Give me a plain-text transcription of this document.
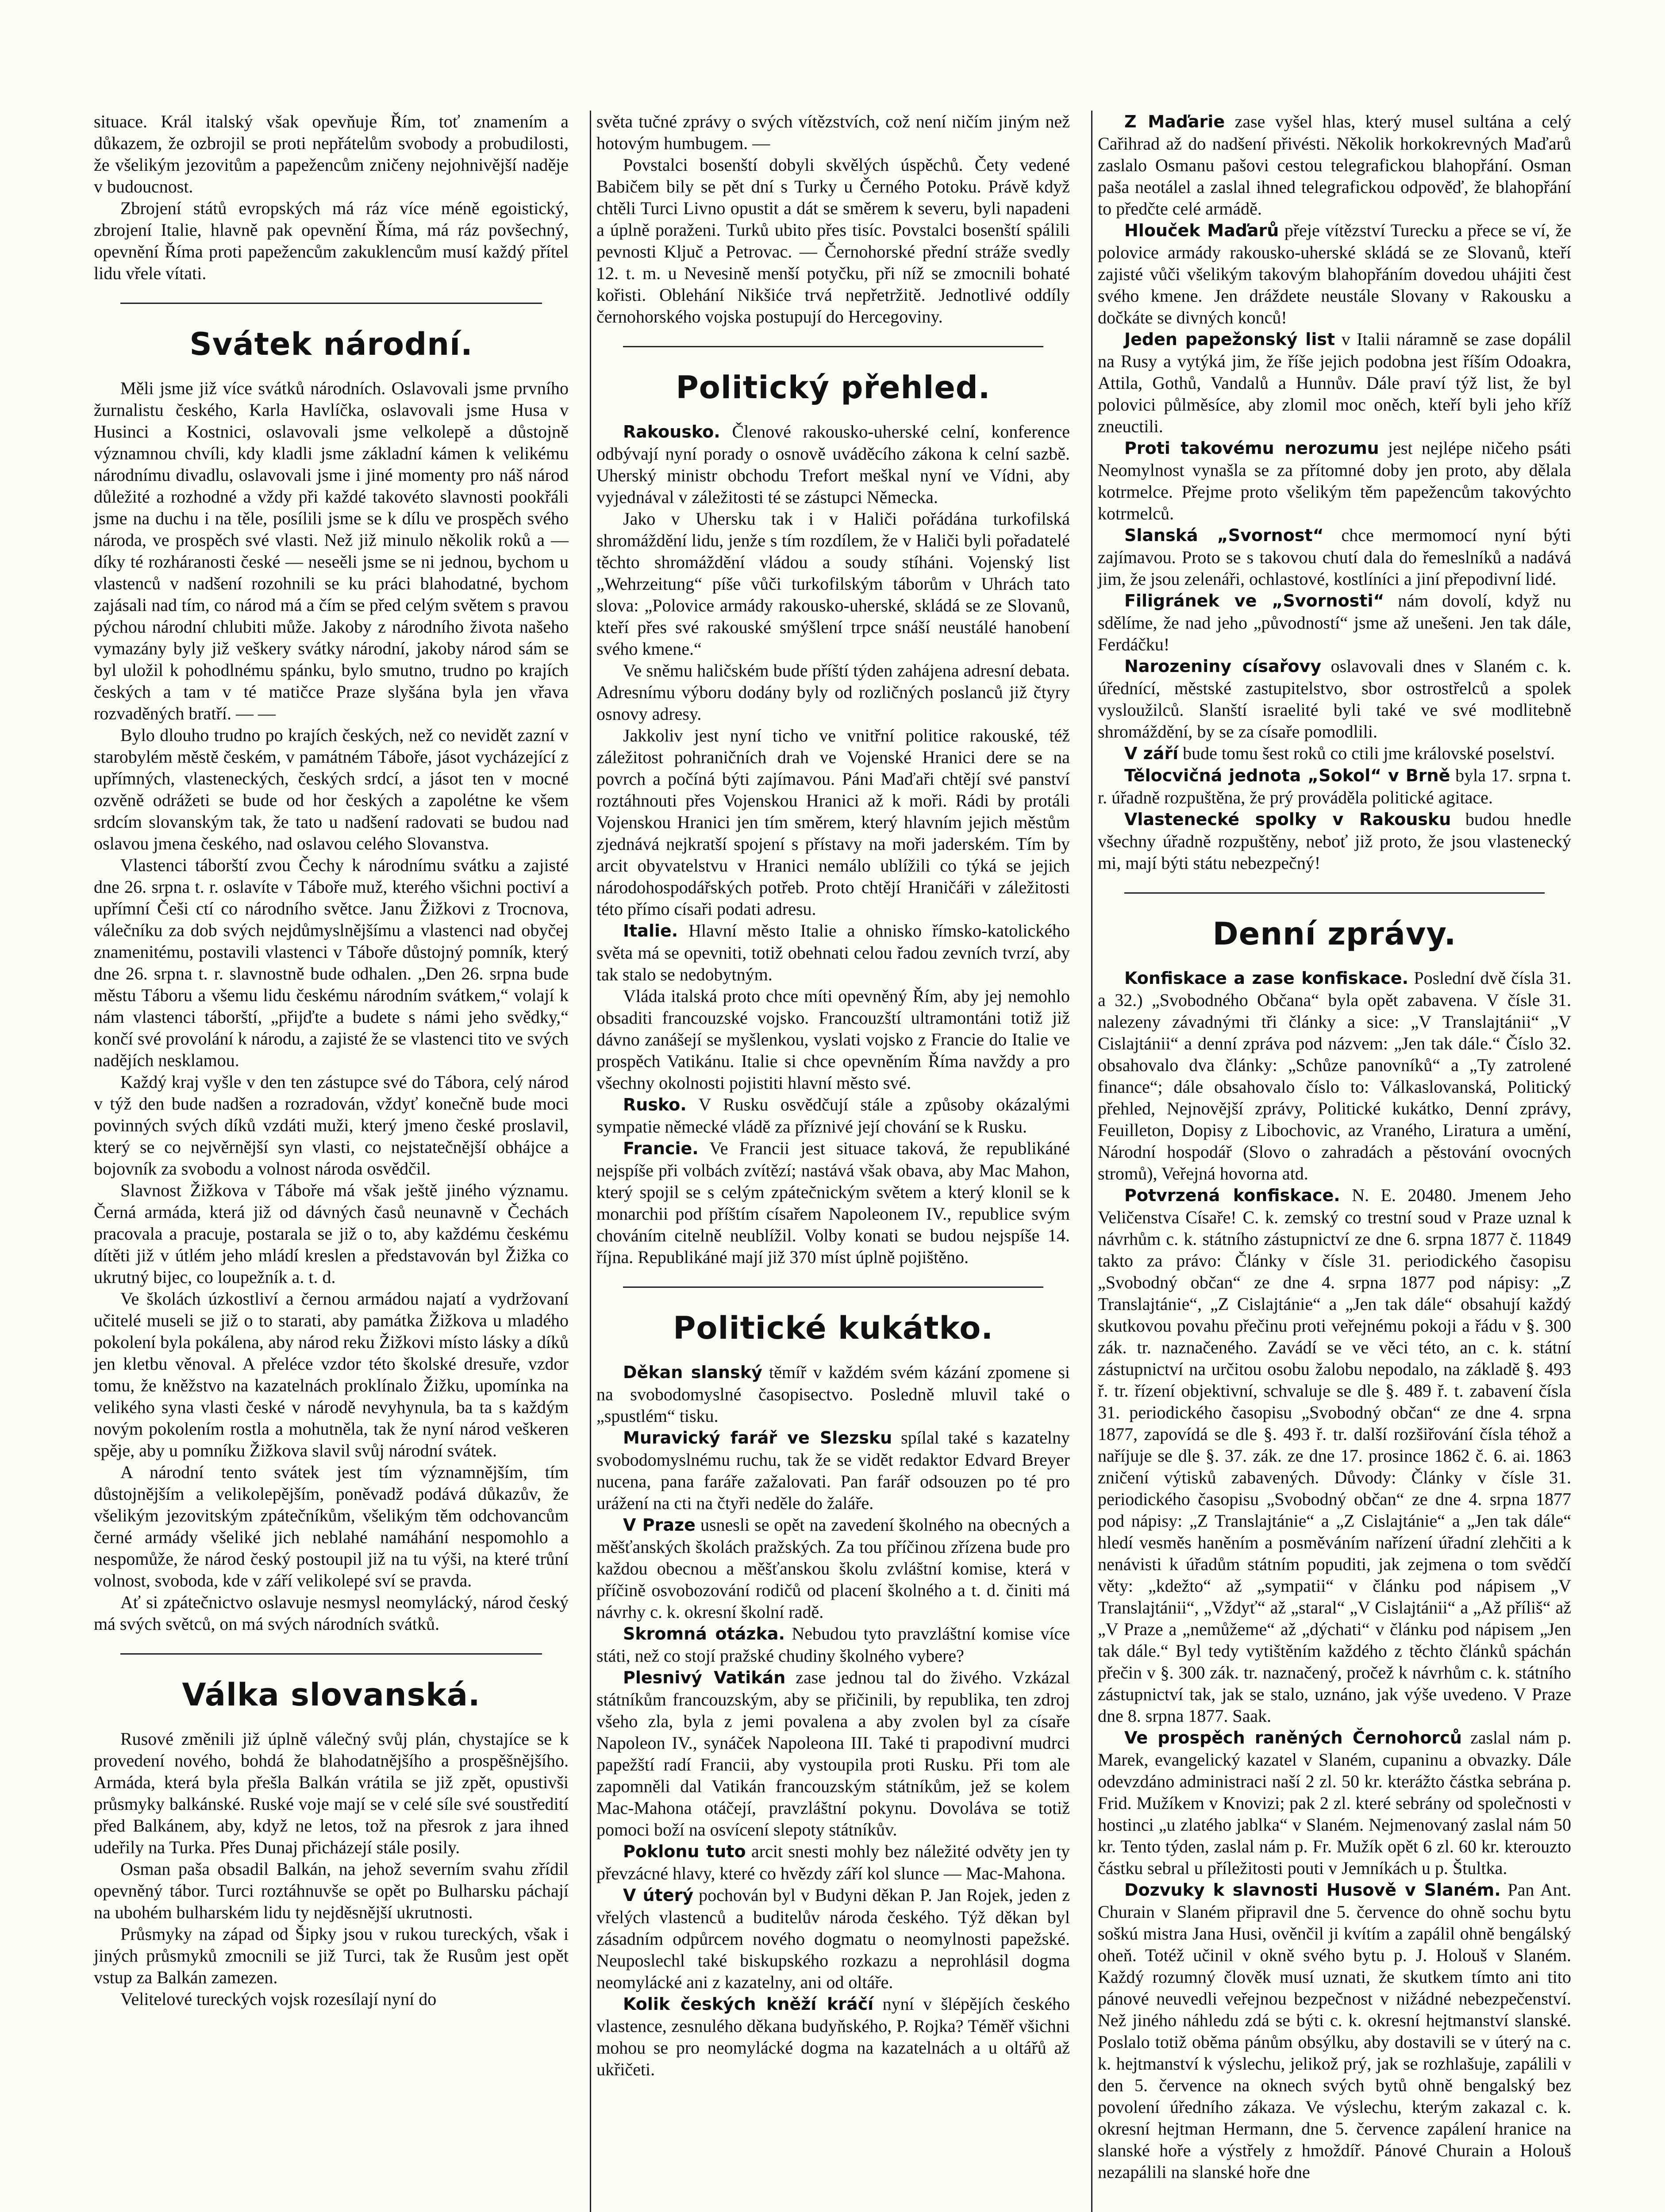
situace. Král italský však opevňuje Řím, toť znamením a důkazem, že ozbrojil se proti nepřátelům svobody a probudilosti, že všelikým jezovitům a papežencům zničeny nejohnivější naděje v budoucnost.

Zbrojení států evropských má ráz více méně egoistický, zbrojení Italie, hlavně pak opevnění Říma, má ráz povšechný, opevnění Říma proti papežencům zakuklencům musí každý přítel lidu vřele vítati.

Svátek národní.

Měli jsme již více svátků národních. Oslavovali jsme prvního žurnalistu českého, Karla Havlíčka, oslavovali jsme Husa v Husinci a Kostnici, oslavovali jsme velkolepě a důstojně významnou chvíli, kdy kladli jsme základní kámen k velikému národnímu divadlu, oslavovali jsme i jiné momenty pro náš národ důležité a rozhodné a vždy při každé takovéto slavnosti pookřáli jsme na duchu i na těle, posílili jsme se k dílu ve prospěch svého národa, ve prospěch své vlasti. Než již minulo několik roků a — díky té rozháranosti české — neseěli jsme se ni jednou, bychom u vlastenců v nadšení rozohnili se ku práci blahodatné, bychom zajásali nad tím, co národ má a čím se před celým světem s pravou pýchou národní chlubiti může. Jakoby z národního života našeho vymazány byly již veškery svátky národní, jakoby národ sám se byl uložil k pohodlnému spánku, bylo smutno, trudno po krajích českých a tam v té matičce Praze slyšána byla jen vřava rozvaděných bratří. — —

Bylo dlouho trudno po krajích českých, než co nevidět zazní v starobylém městě českém, v památném Táboře, jásot vycházející z upřímných, vlasteneckých, českých srdcí, a jásot ten v mocné ozvěně odrážeti se bude od hor českých a zapolétne ke všem srdcím slovanským tak, že tato u nadšení radovati se budou nad oslavou jmena českého, nad oslavou celého Slovanstva.

Vlastenci táborští zvou Čechy k národnímu svátku a zajisté dne 26. srpna t. r. oslavíte v Táboře muž, kterého všichni poctiví a upřímní Češi ctí co národního světce. Janu Žižkovi z Trocnova, válečníku za dob svých nejdůmyslnějšímu a vlastenci nad obyčej znamenitému, postavili vlastenci v Táboře důstojný pomník, který dne 26. srpna t. r. slavnostně bude odhalen. „Den 26. srpna bude městu Táboru a všemu lidu českému národním svátkem,“ volají k nám vlastenci táborští, „přijďte a budete s námi jeho svědky,“ končí své provolání k národu, a zajisté že se vlastenci tito ve svých nadějích nesklamou.

Každý kraj vyšle v den ten zástupce své do Tábora, celý národ v týž den bude nadšen a rozradován, vždyť konečně bude moci povinných svých díků vzdáti muži, který jmeno české proslavil, který se co nejvěrnější syn vlasti, co nejstatečnější obhájce a bojovník za svobodu a volnost národa osvědčil.

Slavnost Žižkova v Táboře má však ještě jiného významu. Černá armáda, která již od dávných časů neunavně v Čechách pracovala a pracuje, postarala se již o to, aby každému českému dítěti již v útlém jeho mládí kreslen a představován byl Žižka co ukrutný bijec, co loupežník a. t. d.

Ve školách úzkostliví a černou armádou najatí a vydržovaní učitelé museli se již o to starati, aby památka Žižkova u mladého pokolení byla pokálena, aby národ reku Žižkovi místo lásky a díků jen kletbu věnoval. A přeléce vzdor této školské dresuře, vzdor tomu, že kněžstvo na kazatelnách proklínalo Žižku, upomínka na velikého syna vlasti české v národě nevyhynula, ba ta s každým novým pokolením rostla a mohutněla, tak že nyní národ veškeren spěje, aby u pomníku Žižkova slavil svůj národní svátek.

A národní tento svátek jest tím významnějším, tím důstojnějším a velikolepějším, poněvadž podává důkazův, že všelikým jezovitským zpátečníkům, všelikým těm odchovancům černé armády všeliké jich neblahé namáhání nespomohlo a nespomůže, že národ český postoupil již na tu výši, na které trůní volnost, svoboda, kde v září velikolepé sví se pravda.

Ať si zpátečnictvo oslavuje nesmysl neomylácký, národ český má svých světců, on má svých národních svátků.

Válka slovanská.

Rusové změnili již úplně válečný svůj plán, chystajíce se k provedení nového, bohdá že blahodatnějšího a prospěšnějšího. Armáda, která byla přešla Balkán vrátila se již zpět, opustivši průsmyky balkánské. Ruské voje mají se v celé síle své soustředití před Balkánem, aby, když ne letos, tož na přesrok z jara ihned udeřily na Turka. Přes Dunaj přicházejí stále posily.

Osman paša obsadil Balkán, na jehož severním svahu zřídil opevněný tábor. Turci roztáhnuvše se opět po Bulharsku páchají na ubohém bulharském lidu ty nejděsnější ukrutnosti.

Průsmyky na západ od Šipky jsou v rukou tureckých, však i jiných průsmyků zmocnili se již Turci, tak že Rusům jest opět vstup za Balkán zamezen.

Velitelové tureckých vojsk rozesílají nyní do

světa tučné zprávy o svých vítězstvích, což není ničím jiným než hotovým humbugem. —

Povstalci bosenští dobyli skvělých úspěchů. Čety vedené Babičem bily se pět dní s Turky u Černého Potoku. Právě když chtěli Turci Livno opustit a dát se směrem k severu, byli napadeni a úplně poraženi. Turků ubito přes tisíc. Povstalci bosenští spálili pevnosti Ključ a Petrovac. — Černohorské přední stráže svedly 12. t. m. u Nevesině menší potyčku, při níž se zmocnili bohaté kořisti. Oblehání Nikšiće trvá nepřetržitě. Jednotlivé oddíly černohorského vojska postupují do Hercegoviny.

Politický přehled.

Rakousko. Členové rakousko-uherské celní, konference odbývají nyní porady o osnově uváděcího zákona k celní sazbě. Uherský ministr obchodu Trefort meškal nyní ve Vídni, aby vyjednával v záležitosti té se zástupci Německa.

Jako v Uhersku tak i v Haliči pořádána turkofilská shromáždění lidu, jenže s tím rozdílem, že v Haliči byli pořadatelé těchto shromáždění vládou a soudy stíháni. Vojenský list „Wehrzeitung“ píše vůči turkofilským táborům v Uhrách tato slova: „Polovice armády rakousko-uherské, skládá se ze Slovanů, kteří přes své rakouské smýšlení trpce snáší neustálé hanobení svého kmene.“

Ve sněmu haličském bude příští týden zahájena adresní debata. Adresnímu výboru dodány byly od rozličných poslanců již čtyry osnovy adresy.

Jakkoliv jest nyní ticho ve vnitřní politice rakouské, též záležitost pohraničních drah ve Vojenské Hranici dere se na povrch a počíná býti zajímavou. Páni Maďaři chtějí své panství roztáhnouti přes Vojenskou Hranici až k moři. Rádi by protáli Vojenskou Hranici jen tím směrem, který hlavním jejich městům zjednává nejkratší spojení s přístavy na moři jaderském. Tím by arcit obyvatelstvu v Hranici nemálo ublížili co týká se jejich národohospodářských potřeb. Proto chtějí Hraničáři v záležitosti této přímo císaři podati adresu.

Italie. Hlavní město Italie a ohnisko římsko-katolického světa má se opevniti, totiž obehnati celou řadou zevních tvrzí, aby tak stalo se nedobytným.

Vláda italská proto chce míti opevněný Řím, aby jej nemohlo obsaditi francouzské vojsko. Francouzští ultramontáni totiž již dávno zanášejí se myšlenkou, vyslati vojsko z Francie do Italie ve prospěch Vatikánu. Italie si chce opevněním Říma navždy a pro všechny okolnosti pojistiti hlavní město své.

Rusko. V Rusku osvědčují stále a způsoby okázalými sympatie německé vládě za příznivé její chování se k Rusku.

Francie. Ve Francii jest situace taková, že republikáné nejspíše při volbách zvítězí; nastává však obava, aby Mac Mahon, který spojil se s celým zpátečnickým světem a který klonil se k monarchii pod příštím císařem Napoleonem IV., republice svým chováním citelně neublížil. Volby konati se budou nejspíše 14. října. Republikáné mají již 370 míst úplně pojištěno.

Politické kukátko.

Děkan slanský těmíř v každém svém kázání zpomene si na svobodomyslné časopisectvo. Posledně mluvil také o „spustlém“ tisku.

Muravický farář ve Slezsku spílal také s kazatelny svobodomyslnému ruchu, tak že se vidět redaktor Edvard Breyer nucena, pana faráře zažalovati. Pan farář odsouzen po té pro urážení na cti na čtyři neděle do žaláře.

V Praze usnesli se opět na zavedení školného na obecných a měšťanských školách pražských. Za tou příčinou zřízena bude pro každou obecnou a měšťanskou školu zvláštní komise, která v příčině osvobozování rodičů od placení školného a t. d. činiti má návrhy c. k. okresní školní radě.

Skromná otázka. Nebudou tyto pravzláštní komise více státi, než co stojí pražské chudiny školného vybere?

Plesnivý Vatikán zase jednou tal do živého. Vzkázal státníkům francouzským, aby se přičinili, by republika, ten zdroj všeho zla, byla z jemi povalena a aby zvolen byl za císaře Napoleon IV., synáček Napoleona III. Také ti prapodivní mudrci papežští radí Francii, aby vystoupila proti Rusku. Při tom ale zapomněli dal Vatikán francouzským státníkům, jež se kolem Mac-Mahona otáčejí, pravzláštní pokynu. Dovoláva se totiž pomoci boží na osvícení slepoty státníkův.

Poklonu tuto arcit snesti mohly bez náležité odvěty jen ty převzácné hlavy, které co hvězdy září kol slunce — Mac-Mahona.

V úterý pochován byl v Budyni děkan P. Jan Rojek, jeden z vřelých vlastenců a buditelův národa českého. Týž děkan byl zásadním odpůrcem nového dogmatu o neomylnosti papežské. Neuposlechl také biskupského rozkazu a neprohlásil dogma neomylácké ani z kazatelny, ani od oltáře.

Kolik českých kněží kráčí nyní v šlépějích českého vlastence, zesnulého děkana budyňského, P. Rojka? Téměř všichni mohou se pro neomylácké dogma na kazatelnách a u oltářů až ukřičeti.

Z Maďarie zase vyšel hlas, který musel sultána a celý Cařihrad až do nadšení přivésti. Několik horkokrevných Maďarů zaslalo Osmanu pašovi cestou telegrafickou blahopřání. Osman paša neotálel a zaslal ihned telegrafickou odpověď, že blahopřání to předčte celé armádě.

Hlouček Maďarů přeje vítězství Turecku a přece se ví, že polovice armády rakousko-uherské skládá se ze Slovanů, kteří zajisté vůči všelikým takovým blahopřáním dovedou uhájiti čest svého kmene. Jen dráždete neustále Slovany v Rakousku a dočkáte se divných konců!

Jeden papežonský list v Italii náramně se zase dopálil na Rusy a vytýká jim, že říše jejich podobna jest říším Odoakra, Attila, Gothů, Vandalů a Hunnův. Dále praví týž list, že byl polovici půlměsíce, aby zlomil moc oněch, kteří byli jeho kříž zneuctili.

Proti takovému nerozumu jest nejlépe ničeho psáti Neomylnost vynašla se za přítomné doby jen proto, aby dělala kotrmelce. Přejme proto všelikým těm papežencům takovýchto kotrmelců.

Slanská „Svornost“ chce mermomocí nyní býti zajímavou. Proto se s takovou chutí dala do řemeslníků a nadává jim, že jsou zelenáři, ochlastové, kostlíníci a jiní přepodivní lidé.

Filigránek ve „Svornosti“ nám dovolí, když nu sdělíme, že nad jeho „původností“ jsme až unešeni. Jen tak dále, Ferdáčku!

Narozeniny císařovy oslavovali dnes v Slaném c. k. úřednící, městské zastupitelstvo, sbor ostrostřelců a spolek vysloužilců. Slanští israelité byli také ve své modlitebně shromáždění, by se za císaře pomodlili.

V září bude tomu šest roků co ctili jme královské poselství.

Tělocvičná jednota „Sokol“ v Brně byla 17. srpna t. r. úřadně rozpuštěna, že prý prováděla politické agitace.

Vlastenecké spolky v Rakousku budou hnedle všechny úřadně rozpuštěny, neboť již proto, že jsou vlastenecký mi, mají býti státu nebezpečný!

Denní zprávy.

Konfiskace a zase konfiskace. Poslední dvě čísla 31. a 32.) „Svobodného Občana“ byla opět zabavena. V čísle 31. nalezeny závadnými tři články a sice: „V Translajtánii“ „V Cislajtánii“ a denní zpráva pod názvem: „Jen tak dále.“ Číslo 32. obsahovalo dva články: „Schůze panovníků“ a „Ty zatrolené finance“; dále obsahovalo číslo to: Válkaslovanská, Politický přehled, Nejnovější zprávy, Politické kukátko, Denní zprávy, Feuilleton, Dopisy z Libochovic, az Vraného, Liratura a umění, Národní hospodář (Slovo o zahradách a pěstování ovocných stromů), Veřejná hovorna atd.

Potvrzená konfiskace. N. E. 20480. Jmenem Jeho Veličenstva Císaře! C. k. zemský co trestní soud v Praze uznal k návrhům c. k. státního zástupnictví ze dne 6. srpna 1877 č. 11849 takto za právo: Články v čísle 31. periodického časopisu „Svobodný občan“ ze dne 4. srpna 1877 pod nápisy: „Z Translajtánie“, „Z Cislajtánie“ a „Jen tak dále“ obsahují každý skutkovou povahu přečinu proti veřejnému pokoji a řádu v §. 300 zák. tr. naznačeného. Zavádí se ve věci této, an c. k. státní zástupnictví na určitou osobu žalobu nepodalo, na základě §. 493 ř. tr. řízení objektivní, schvaluje se dle §. 489 ř. t. zabavení čísla 31. periodického časopisu „Svobodný občan“ ze dne 4. srpna 1877, zapovídá se dle §. 493 ř. tr. další rozšiřování čísla téhož a naříjuje se dle §. 37. zák. ze dne 17. prosince 1862 č. 6. ai. 1863 zničení výtisků zabavených. Důvody: Články v čísle 31. periodického časopisu „Svobodný občan“ ze dne 4. srpna 1877 pod nápisy: „Z Translajtánie“ a „Z Cislajtánie“ a „Jen tak dále“ hledí vesměs haněním a posměváním nařízení úřadní zlehčiti a k nenávisti k úřadům státním popuditi, jak zejmena o tom svědčí věty: „kdežto“ až „sympatii“ v článku pod nápisem „V Translajtánii“, „Vždyť“ až „staral“ „V Cislajtánii“ a „Až příliš“ až „V Praze a „nemůžeme“ až „dýchati“ v článku pod nápisem „Jen tak dále.“ Byl tedy vytištěním každého z těchto článků spáchán přečin v §. 300 zák. tr. naznačený, pročež k návrhům c. k. státního zástupnictví tak, jak se stalo, uznáno, jak výše uvedeno. V Praze dne 8. srpna 1877. Saak.

Ve prospěch raněných Černohorců zaslal nám p. Marek, evangelický kazatel v Slaném, cupaninu a obvazky. Dále odevzdáno administraci naší 2 zl. 50 kr. kterážto částka sebrána p. Frid. Mužíkem v Knovizi; pak 2 zl. které sebrány od společnosti v hostinci „u zlatého jablka“ v Slaném. Nejmenovaný zaslal nám 50 kr. Tento týden, zaslal nám p. Fr. Mužík opět 6 zl. 60 kr. kterouzto částku sebral u příležitosti pouti v Jemníkách u p. Štultka.

Dozvuky k slavnosti Husově v Slaném. Pan Ant. Churain v Slaném připravil dne 5. července do ohně sochu bytu soškú mistra Jana Husi, ověnčil ji kvítím a zapálil ohně bengálský oheň. Totéž učinil v okně svého bytu p. J. Holouš v Slaném. Každý rozumný člověk musí uznati, že skutkem tímto ani tito pánové neuvedli veřejnou bezpečnost v nižádné nebezpečenství. Než jiného náhledu zdá se býti c. k. okresní hejtmanství slanské. Poslalo totiž oběma pánům obsýlku, aby dostavili se v úterý na c. k. hejtmanství k výslechu, jelikož prý, jak se rozhlašuje, zapálili v den 5. července na oknech svých bytů ohně bengalský bez povolení úředního zákaza. Ve výslechu, kterým zakazal c. k. okresní hejtman Hermann, dne 5. července zapálení hranice na slanské hoře a výstřely z hmoždíř. Pánové Churain a Holouš nezapálili na slanské hoře dne
